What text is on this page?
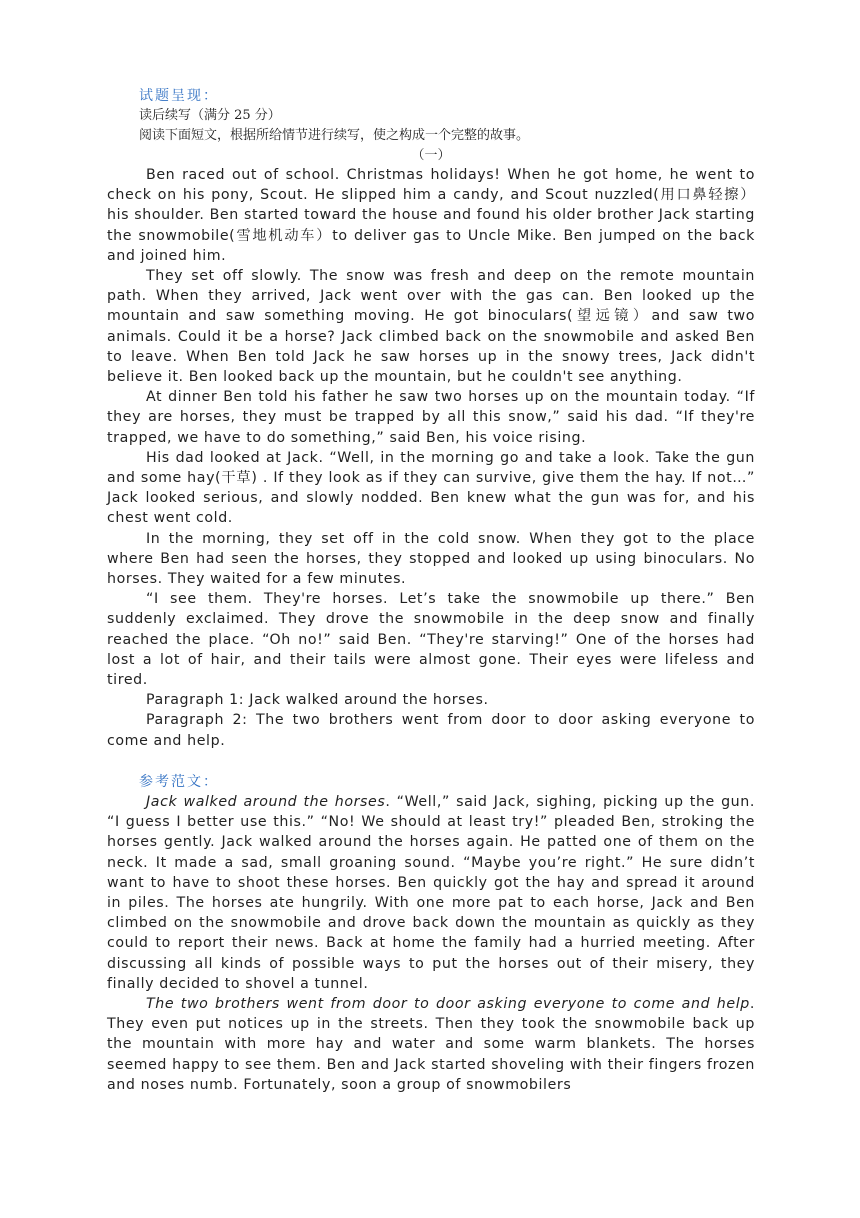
试题呈现：
读后续写（满分 25 分）
阅读下面短文，根据所给情节进行续写，使之构成一个完整的故事。
（一）

Ben raced out of school. Christmas holidays! When he got home, he went to check on his pony, Scout. He slipped him a candy, and Scout nuzzled(用口鼻轻擦）his shoulder. Ben started toward the house and found his older brother Jack starting the snowmobile(雪地机动车）to deliver gas to Uncle Mike. Ben jumped on the back and joined him.

They set off slowly. The snow was fresh and deep on the remote mountain path. When they arrived, Jack went over with the gas can. Ben looked up the mountain and saw something moving. He got binoculars(望远镜）and saw two animals. Could it be a horse? Jack climbed back on the snowmobile and asked Ben to leave. When Ben told Jack he saw horses up in the snowy trees, Jack didn't believe it. Ben looked back up the mountain, but he couldn't see anything.

At dinner Ben told his father he saw two horses up on the mountain today. “If they are horses, they must be trapped by all this snow,” said his dad. “If they're trapped, we have to do something,” said Ben, his voice rising.

His dad looked at Jack. “Well, in the morning go and take a look. Take the gun and some hay(干草) . If they look as if they can survive, give them the hay. If not…” Jack looked serious, and slowly nodded. Ben knew what the gun was for, and his chest went cold.

In the morning, they set off in the cold snow. When they got to the place where Ben had seen the horses, they stopped and looked up using binoculars. No horses. They waited for a few minutes.

“I see them. They're horses. Let’s take the snowmobile up there.” Ben suddenly exclaimed. They drove the snowmobile in the deep snow and finally reached the place. “Oh no!” said Ben. “They're starving!” One of the horses had lost a lot of hair, and their tails were almost gone. Their eyes were lifeless and tired.

Paragraph 1: Jack walked around the horses.

Paragraph 2: The two brothers went from door to door asking everyone to come and help.

参考范文：

Jack walked around the horses. “Well,” said Jack, sighing, picking up the gun. “I guess I better use this.” “No! We should at least try!” pleaded Ben, stroking the horses gently. Jack walked around the horses again. He patted one of them on the neck. It made a sad, small groaning sound. “Maybe you’re right.” He sure didn’t want to have to shoot these horses. Ben quickly got the hay and spread it around in piles. The horses ate hungrily. With one more pat to each horse, Jack and Ben climbed on the snowmobile and drove back down the mountain as quickly as they could to report their news. Back at home the family had a hurried meeting. After discussing all kinds of possible ways to put the horses out of their misery, they finally decided to shovel a tunnel.

The two brothers went from door to door asking everyone to come and help. They even put notices up in the streets. Then they took the snowmobile back up the mountain with more hay and water and some warm blankets. The horses seemed happy to see them. Ben and Jack started shoveling with their fingers frozen and noses numb. Fortunately, soon a group of snowmobilers
